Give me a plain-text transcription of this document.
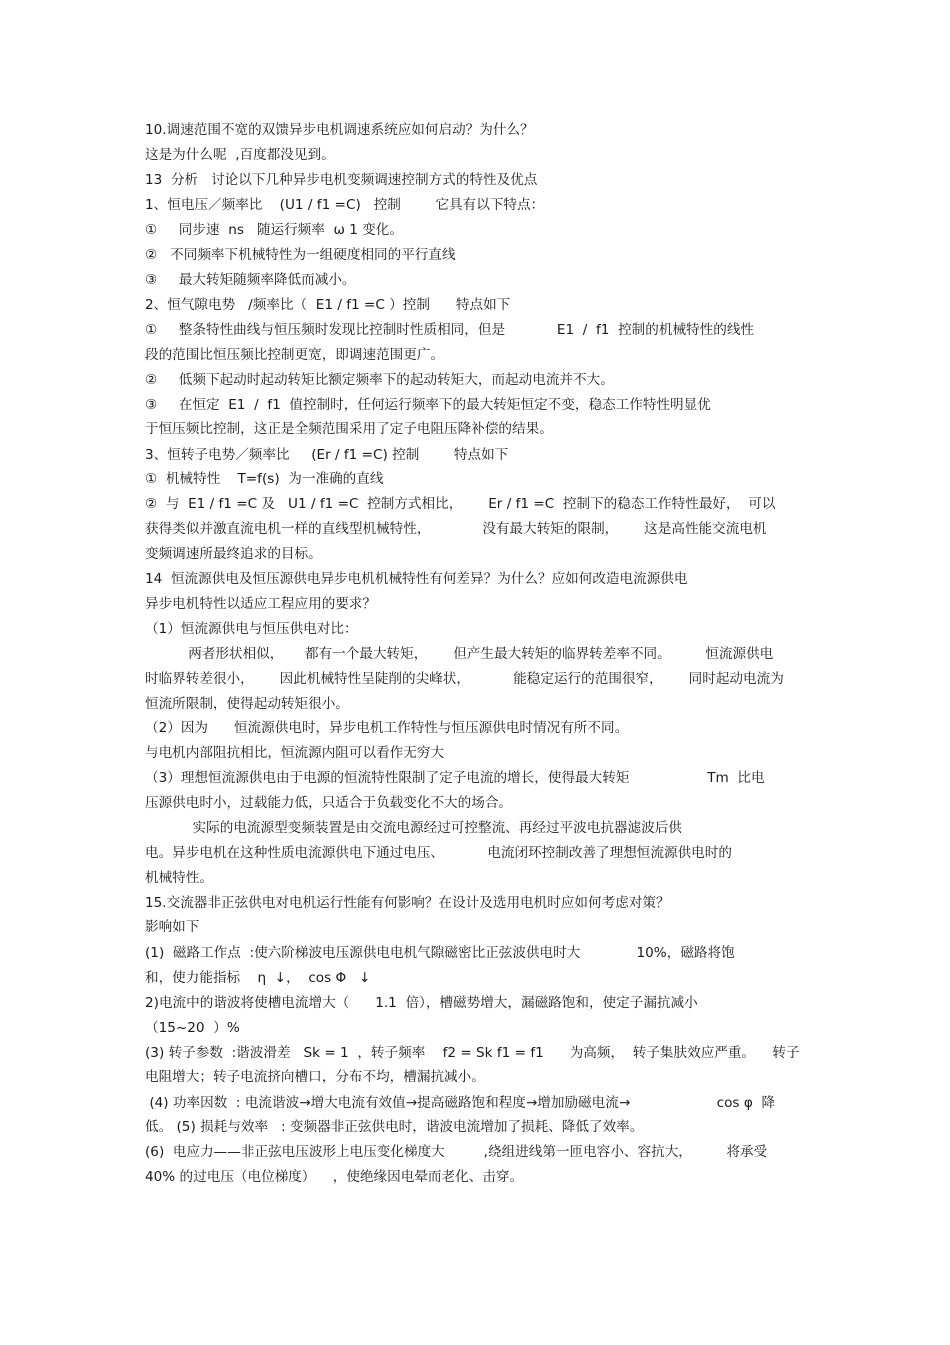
10.调速范围不宽的双馈异步电机调速系统应如何启动？为什么？

这是为什么呢  ,百度都没见到。

13  分析   讨论以下几种异步电机变频调速控制方式的特性及优点

1、恒电压／频率比    (U1 / f1 =C)   控制        它具有以下特点：

①     同步速  ns   随运行频率  ω 1 变化。

②   不同频率下机械特性为一组硬度相同的平行直线

③     最大转矩随频率降低而减小。

2、恒气隙电势   /频率比（  E1 / f1 =C ）控制      特点如下

①     整条特性曲线与恒压频时发现比控制时性质相同，但是            E1  /  f1  控制的机械特性的线性

段的范围比恒压频比控制更宽，即调速范围更广。

②     低频下起动时起动转矩比额定频率下的起动转矩大，而起动电流并不大。

③     在恒定  E1  /  f1  值控制时，任何运行频率下的最大转矩恒定不变，稳态工作特性明显优

于恒压频比控制，这正是全频范围采用了定子电阻压降补偿的结果。

3、恒转子电势／频率比     (Er / f1 =C) 控制        特点如下

①  机械特性    T=f(s)  为一准确的直线

②  与  E1 / f1 =C 及   U1 / f1 =C  控制方式相比，      Er / f1 =C  控制下的稳态工作特性最好，  可以

获得类似并激直流电机一样的直线型机械特性，            没有最大转矩的限制，      这是高性能交流电机

变频调速所最终追求的目标。

14  恒流源供电及恒压源供电异步电机机械特性有何差异？为什么？应如何改造电流源供电

异步电机特性以适应工程应用的要求？

（1）恒流源供电与恒压供电对比：

两者形状相似，     都有一个最大转矩，      但产生最大转矩的临界转差率不同。        恒流源供电

时临界转差很小，      因此机械特性呈陡削的尖峰状，          能稳定运行的范围很窄，      同时起动电流为

恒流所限制，使得起动转矩很小。

（2）因为      恒流源供电时，异步电机工作特性与恒压源供电时情况有所不同。

与电机内部阻抗相比，恒流源内阻可以看作无穷大

（3）理想恒流源供电由于电源的恒流特性限制了定子电流的增长，使得最大转矩                  Tm  比电

压源供电时小，过载能力低，只适合于负载变化不大的场合。

实际的电流源型变频装置是由交流电源经过可控整流、再经过平波电抗器滤波后供

电。异步电机在这种性质电流源供电下通过电压、          电流闭环控制改善了理想恒流源供电时的

机械特性。

15.交流器非正弦供电对电机运行性能有何影响？在设计及选用电机时应如何考虑对策？

影响如下

(1)  磁路工作点  :使六阶梯波电压源供电电机气隙磁密比正弦波供电时大             10%，磁路将饱

和，使力能指标    η  ↓，  cos Φ   ↓

2)电流中的谐波将使槽电流增大（      1.1  倍），槽磁势增大，漏磁路饱和，使定子漏抗减小

（15~20  ）%

(3) 转子参数  :谐波滑差   Sk = 1  ，转子频率    f2 = Sk f1 = f1      为高频，  转子集肤效应严重。    转子

电阻增大；转子电流挤向槽口，分布不均，槽漏抗减小。

(4) 功率因数  : 电流谐波→增大电流有效值→提高磁路饱和程度→增加励磁电流→                    cos φ  降

低。 (5) 损耗与效率   : 变频器非正弦供电时，谐波电流增加了损耗、降低了效率。

(6)  电应力——非正弦电压波形上电压变化梯度大         ,绕组进线第一匝电容小、容抗大，        将承受

40% 的过电压（电位梯度）    ，使绝缘因电晕而老化、击穿。
